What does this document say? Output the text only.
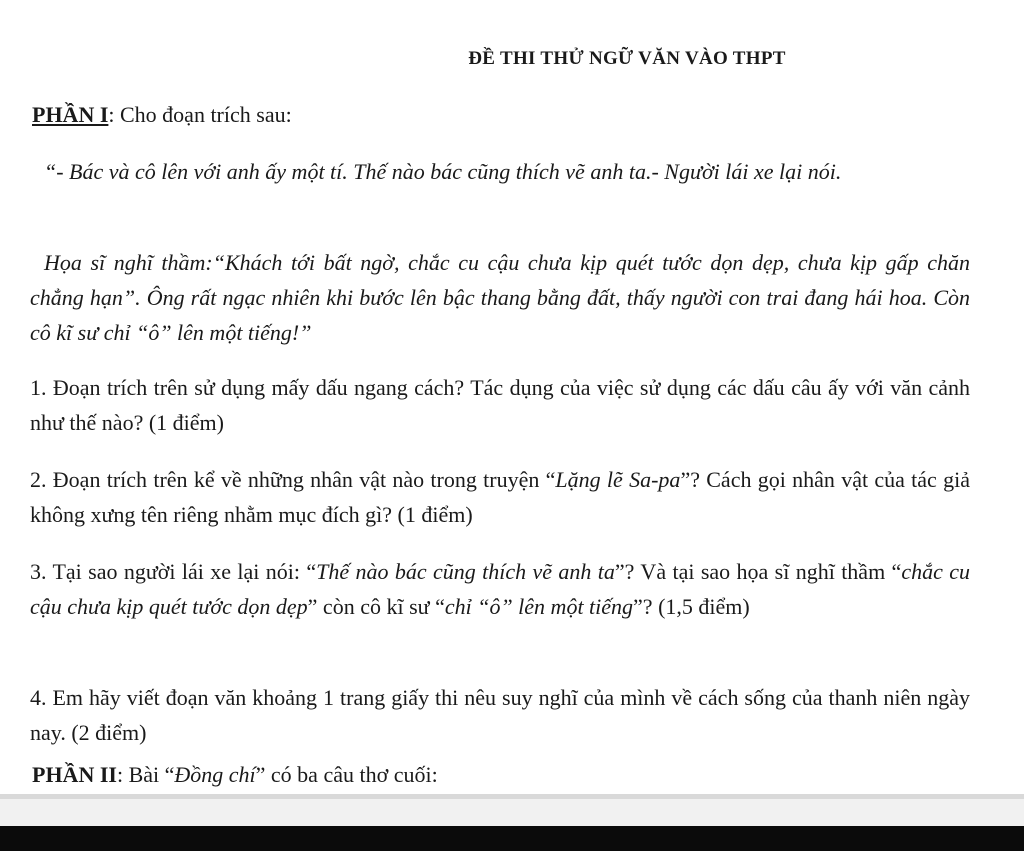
ĐỀ THI THỬ NGỮ VĂN VÀO THPT
PHẦN I: Cho đoạn trích sau:
“- Bác và cô lên với anh ấy một tí. Thế nào bác cũng thích vẽ anh ta.- Người lái xe lại nói.
Họa sĩ nghĩ thầm:“Khách tới bất ngờ, chắc cu cậu chưa kịp quét tước dọn dẹp, chưa kịp gấp chăn chẳng hạn”. Ông rất ngạc nhiên khi bước lên bậc thang bằng đất, thấy người con trai đang hái hoa. Còn cô kĩ sư chỉ “ô” lên một tiếng!”
1. Đoạn trích trên sử dụng mấy dấu ngang cách? Tác dụng của việc sử dụng các dấu câu ấy với văn cảnh như thế nào? (1 điểm)
2. Đoạn trích trên kể về những nhân vật nào trong truyện “Lặng lẽ Sa-pa”? Cách gọi nhân vật của tác giả không xưng tên riêng nhằm mục đích gì? (1 điểm)
3. Tại sao người lái xe lại nói: “Thế nào bác cũng thích vẽ anh ta”? Và tại sao họa sĩ nghĩ thầm “chắc cu cậu chưa kịp quét tước dọn dẹp” còn cô kĩ sư “chỉ “ô” lên một tiếng”? (1,5 điểm)
4. Em hãy viết đoạn văn khoảng 1 trang giấy thi nêu suy nghĩ của mình về cách sống của thanh niên ngày nay. (2 điểm)
PHẦN II: Bài “Đồng chí” có ba câu thơ cuối:
